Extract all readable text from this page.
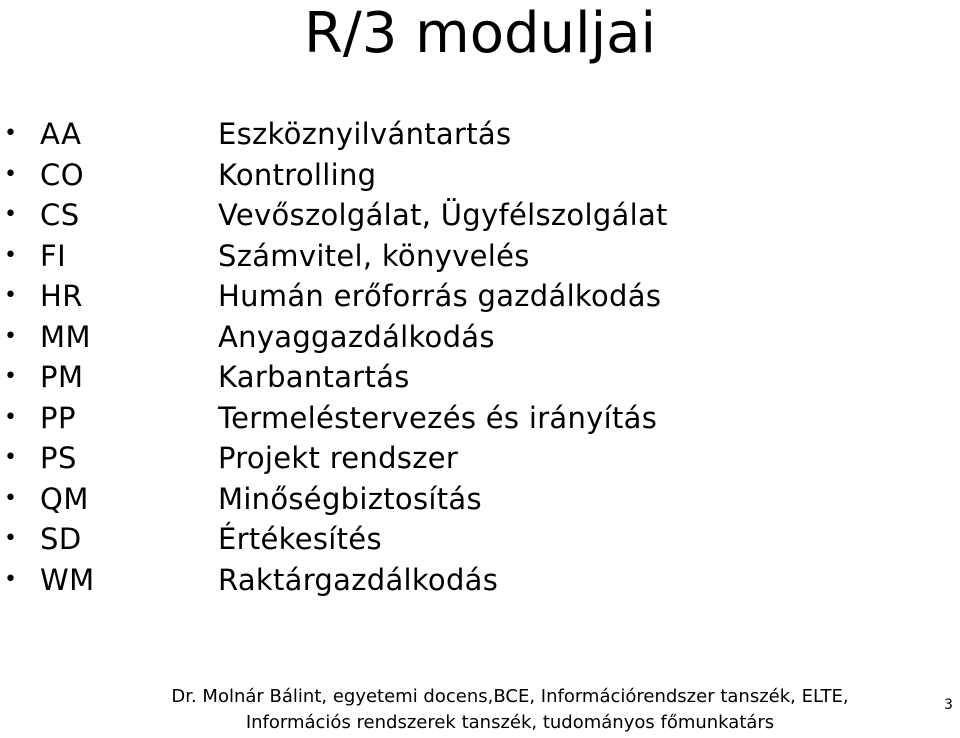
R/3 moduljai
• AA	Eszköznyilvántartás
• CO	Kontrolling
• CS	Vevőszolgálat, Ügyfélszolgálat
• FI	Számvitel, könyvelés
• HR	Humán erőforrás gazdálkodás
• MM	Anyaggazdálkodás
• PM	Karbantartás
• PP	Termeléstervezés és irányítás
• PS	Projekt rendszer
• QM	Minőségbiztosítás
• SD	Értékesítés
• WM	Raktárgazdálkodás
Dr. Molnár Bálint, egyetemi docens,BCE, Információrendszer tanszék, ELTE,
Információs rendszerek tanszék, tudományos főmunkatárs
3
